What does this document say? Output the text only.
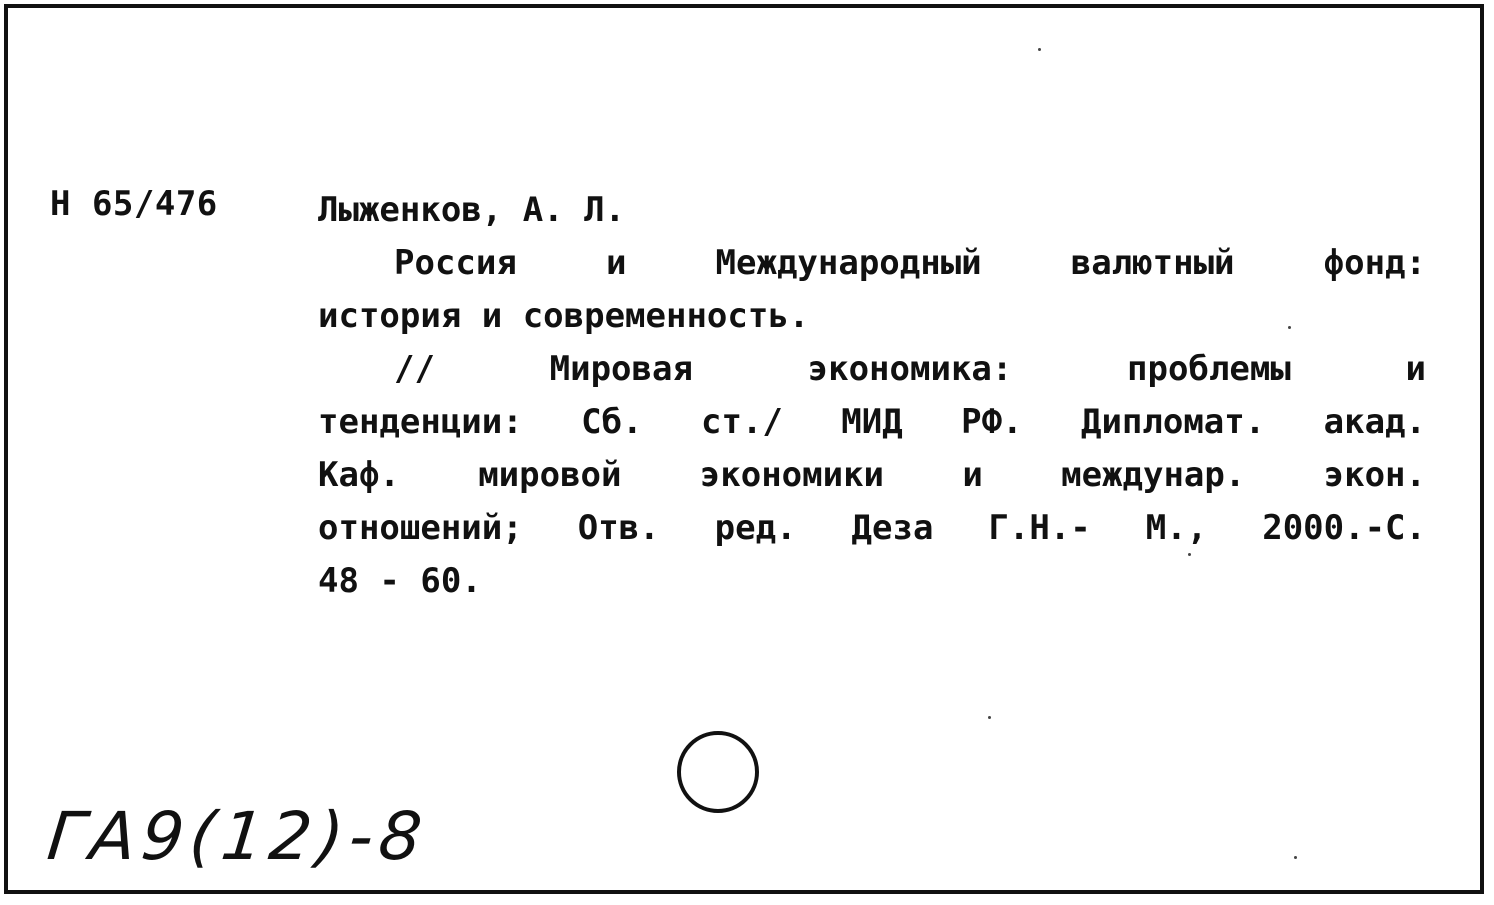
Н 65/476	Лыженков, А. Л.
Россия и Международный валютный фонд:
история и современность.
// Мировая экономика: проблемы и
тенденции: Сб. ст./ МИД РФ. Дипломат. акад.
Каф. мировой экономики и междунар. экон.
отношений; Отв. ред. Деза Г.Н.- М., 2000.-С.
48 - 60.
ГА9(12)-8
